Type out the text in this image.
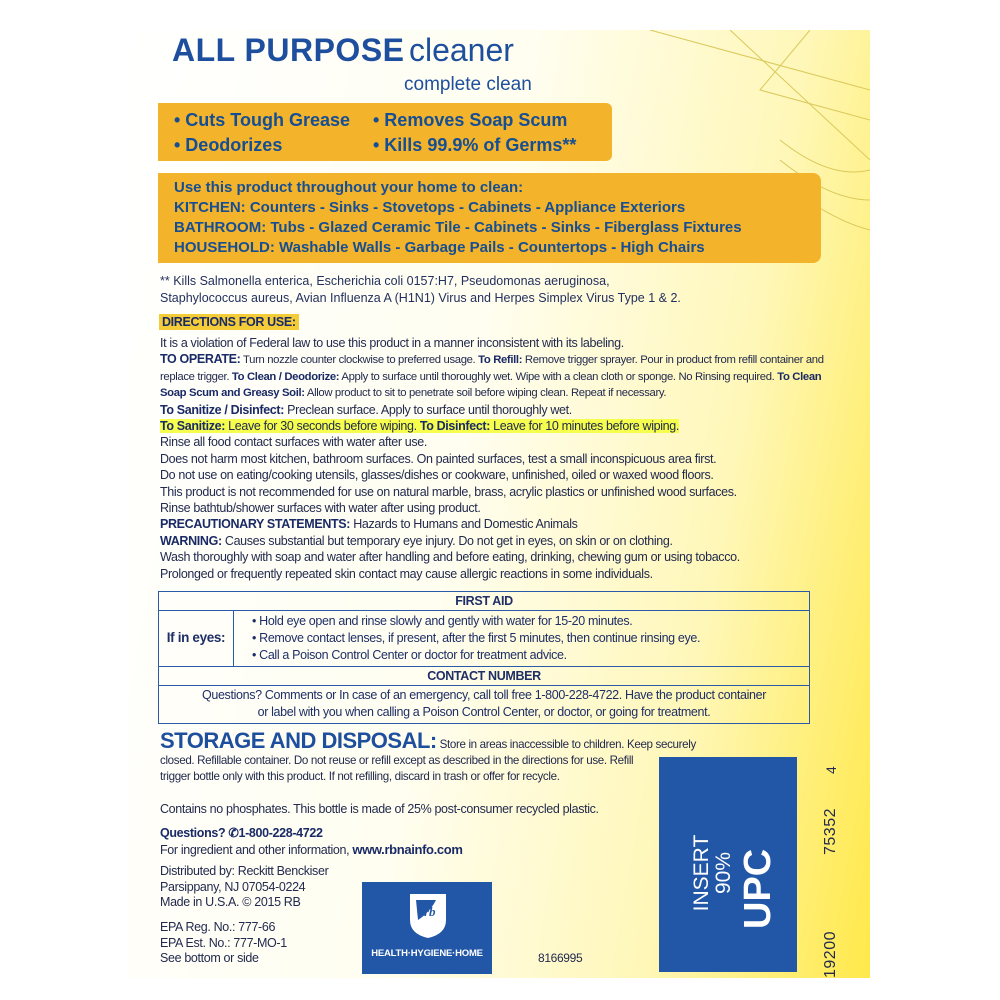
ALL PURPOSE cleaner
complete clean
• Cuts Tough Grease • Removes Soap Scum
• Deodorizes	• Kills 99.9% of Germs**
Use this product throughout your home to clean:
KITCHEN: Counters - Sinks - Stovetops - Cabinets - Appliance Exteriors
BATHROOM: Tubs - Glazed Ceramic Tile - Cabinets - Sinks - Fiberglass Fixtures
HOUSEHOLD: Washable Walls - Garbage Pails - Countertops - High Chairs
** Kills Salmonella enterica, Escherichia coli 0157:H7, Pseudomonas aeruginosa,
Staphylococcus aureus, Avian Influenza A (H1N1) Virus and Herpes Simplex Virus Type 1 & 2.
DIRECTIONS FOR USE:
It is a violation of Federal law to use this product in a manner inconsistent with its labeling.
TO OPERATE: Turn nozzle counter clockwise to preferred usage. To Refill: Remove trigger sprayer. Pour in product from refill container and
replace trigger. To Clean / Deodorize: Apply to surface until thoroughly wet. Wipe with a clean cloth or sponge. No Rinsing required. To Clean
Soap Scum and Greasy Soil: Allow product to sit to penetrate soil before wiping clean. Repeat if necessary.
To Sanitize / Disinfect: Preclean surface. Apply to surface until thoroughly wet.
To Sanitize: Leave for 30 seconds before wiping. To Disinfect: Leave for 10 minutes before wiping.
Rinse all food contact surfaces with water after use.
Does not harm most kitchen, bathroom surfaces. On painted surfaces, test a small inconspicuous area first.
Do not use on eating/cooking utensils, glasses/dishes or cookware, unfinished, oiled or waxed wood floors.
This product is not recommended for use on natural marble, brass, acrylic plastics or unfinished wood surfaces.
Rinse bathtub/shower surfaces with water after using product.
PRECAUTIONARY STATEMENTS: Hazards to Humans and Domestic Animals
WARNING: Causes substantial but temporary eye injury. Do not get in eyes, on skin or on clothing.
Wash thoroughly with soap and water after handling and before eating, drinking, chewing gum or using tobacco.
Prolonged or frequently repeated skin contact may cause allergic reactions in some individuals.
FIRST AID
If in eyes:	
• Hold eye open and rinse slowly and gently with water for 15-20 minutes.
• Remove contact lenses, if present, after the first 5 minutes, then continue rinsing eye.
• Call a Poison Control Center or doctor for treatment advice.

CONTACT NUMBER

Questions? Comments or In case of an emergency, call toll free 1-800-228-4722. Have the product container
or label with you when calling a Poison Control Center, or doctor, or going for treatment.
STORAGE AND DISPOSAL: Store in areas inaccessible to children. Keep securely
closed. Refillable container. Do not reuse or refill except as described in the directions for use. Refill
trigger bottle only with this product. If not refilling, discard in trash or offer for recycle.
Contains no phosphates. This bottle is made of 25% post-consumer recycled plastic.
Questions? ✆1-800-228-4722
For ingredient and other information, www.rbnainfo.com
Distributed by: Reckitt Benckiser
Parsippany, NJ 07054-0224
Made in U.S.A. © 2015 RB
EPA Reg. No.: 777-66
EPA Est. No.: 777-MO-1
See bottom or side
rb
HEALTH·HYGIENE·HOME	8166995
INSERT 90% UPC
19200
75352
4
